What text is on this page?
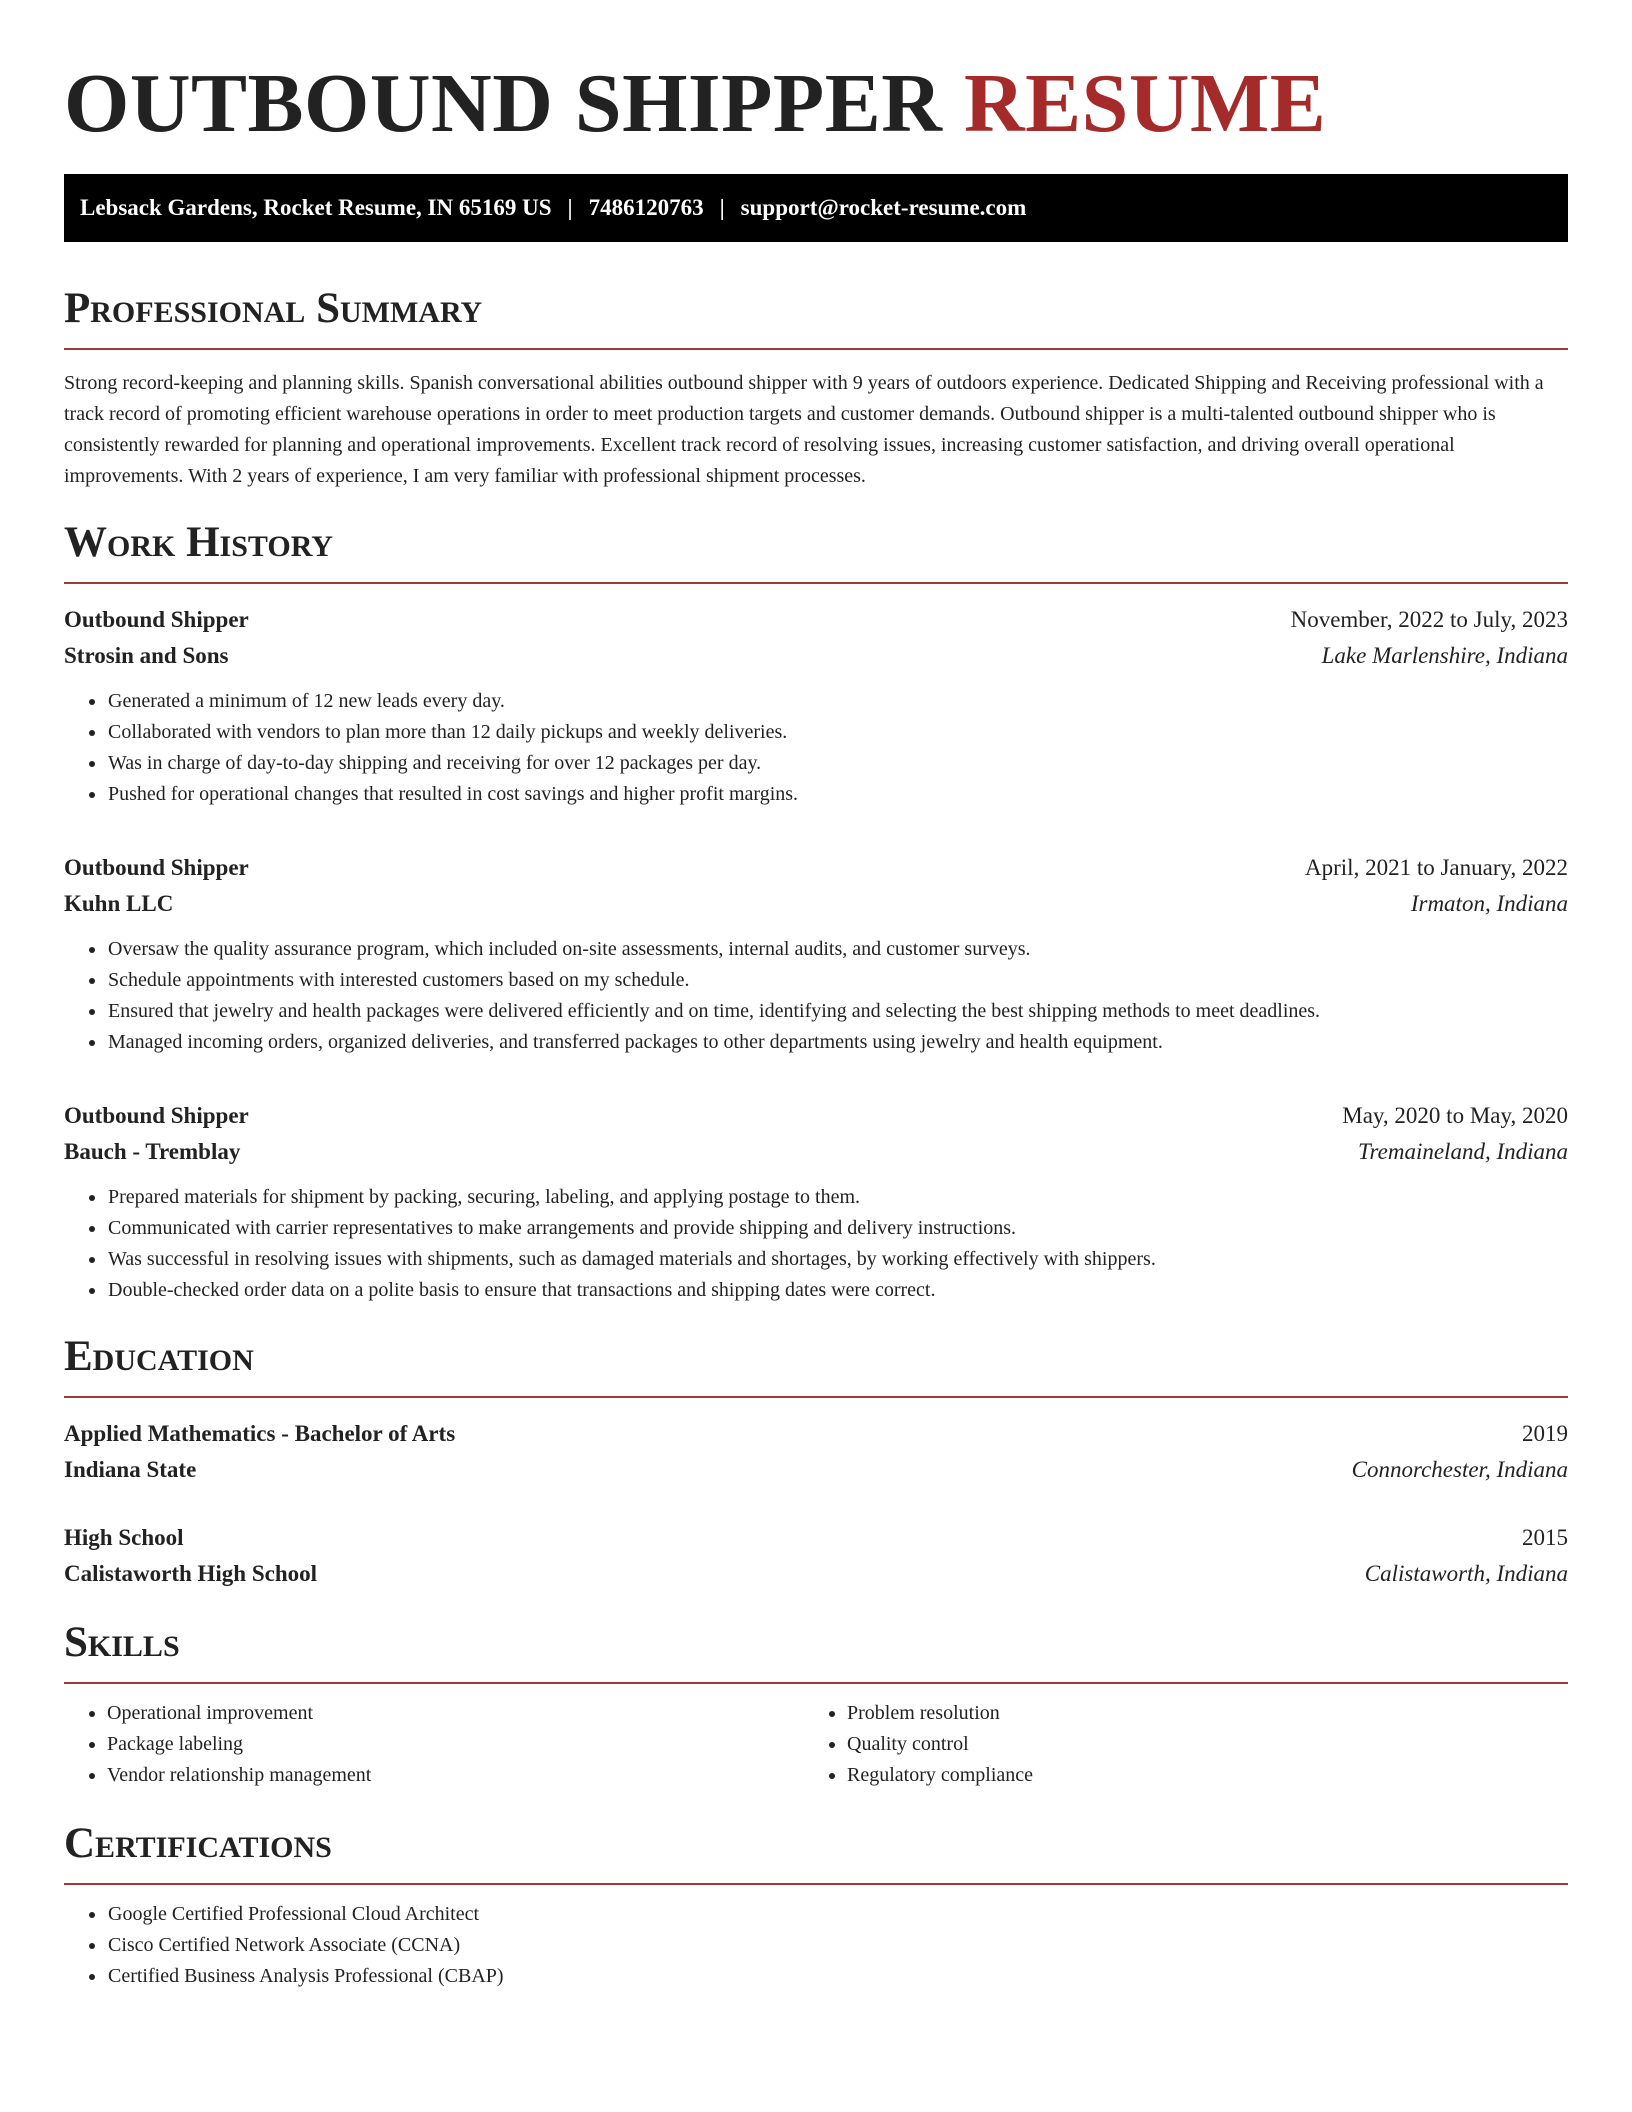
OUTBOUND SHIPPER RESUME
Lebsack Gardens, Rocket Resume, IN 65169 US | 7486120763 | support@rocket-resume.com
Professional Summary

Strong record-keeping and planning skills. Spanish conversational abilities outbound shipper with 9 years of outdoors experience. Dedicated Shipping and Receiving professional with a track record of promoting efficient warehouse operations in order to meet production targets and customer demands. Outbound shipper is a multi-talented outbound shipper who is consistently rewarded for planning and operational improvements. Excellent track record of resolving issues, increasing customer satisfaction, and driving overall operational improvements. With 2 years of experience, I am very familiar with professional shipment processes.

Work History
Outbound Shipper	November, 2022 to July, 2023
Strosin and Sons	Lake Marlenshire, Indiana
• Generated a minimum of 12 new leads every day.
• Collaborated with vendors to plan more than 12 daily pickups and weekly deliveries.
• Was in charge of day-to-day shipping and receiving for over 12 packages per day.
• Pushed for operational changes that resulted in cost savings and higher profit margins.
Outbound Shipper	April, 2021 to January, 2022
Kuhn LLC	Irmaton, Indiana
• Oversaw the quality assurance program, which included on-site assessments, internal audits, and customer surveys.
• Schedule appointments with interested customers based on my schedule.
• Ensured that jewelry and health packages were delivered efficiently and on time, identifying and selecting the best shipping methods to meet deadlines.
• Managed incoming orders, organized deliveries, and transferred packages to other departments using jewelry and health equipment.
Outbound Shipper	May, 2020 to May, 2020
Bauch - Tremblay	Tremaineland, Indiana
• Prepared materials for shipment by packing, securing, labeling, and applying postage to them.
• Communicated with carrier representatives to make arrangements and provide shipping and delivery instructions.
• Was successful in resolving issues with shipments, such as damaged materials and shortages, by working effectively with shippers.
• Double-checked order data on a polite basis to ensure that transactions and shipping dates were correct.
Education
Applied Mathematics - Bachelor of Arts	2019
Indiana State	Connorchester, Indiana
High School	2015
Calistaworth High School	Calistaworth, Indiana
Skills
• Operational improvement
• Package labeling
• Vendor relationship management
• Problem resolution
• Quality control
• Regulatory compliance
Certifications
• Google Certified Professional Cloud Architect
• Cisco Certified Network Associate (CCNA)
• Certified Business Analysis Professional (CBAP)
